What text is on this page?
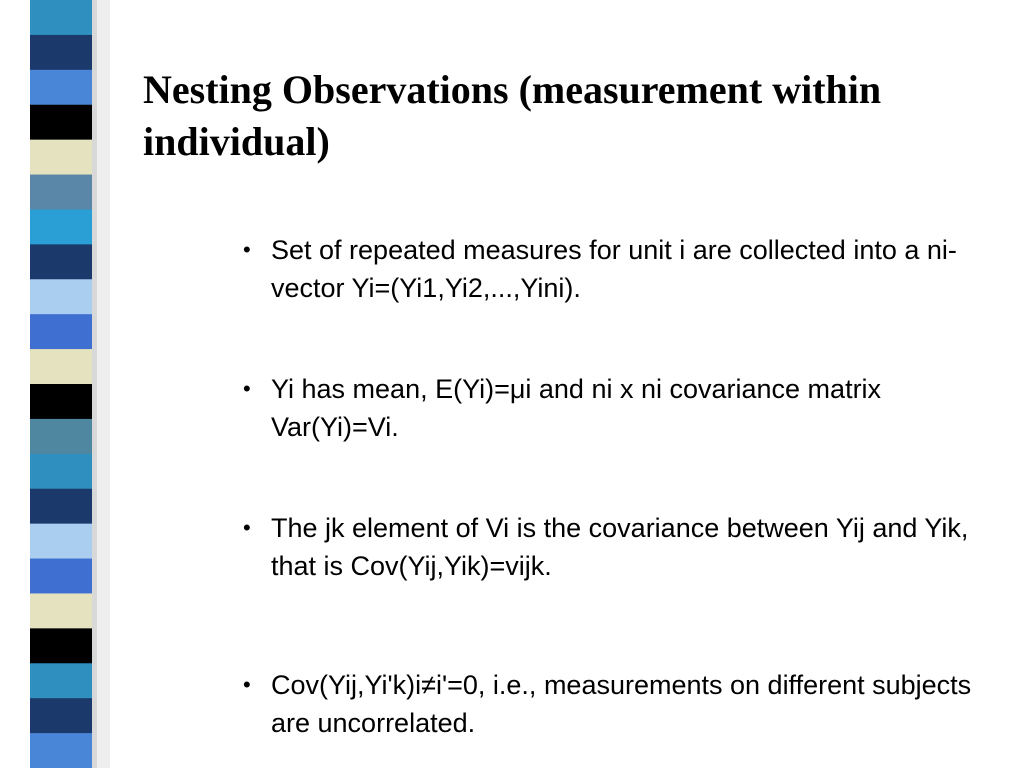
Nesting Observations (measurement within individual)
• Set of repeated measures for unit i are collected into a ni-vector Yi=(Yi1,Yi2,...,Yini).
• Yi has mean, E(Yi)=μi and ni x ni covariance matrix Var(Yi)=Vi.
• The jk element of Vi is the covariance between Yij and Yik, that is Cov(Yij,Yik)=vijk.
• Cov(Yij,Yi'k)i≠i'=0, i.e., measurements on different subjects are uncorrelated.
